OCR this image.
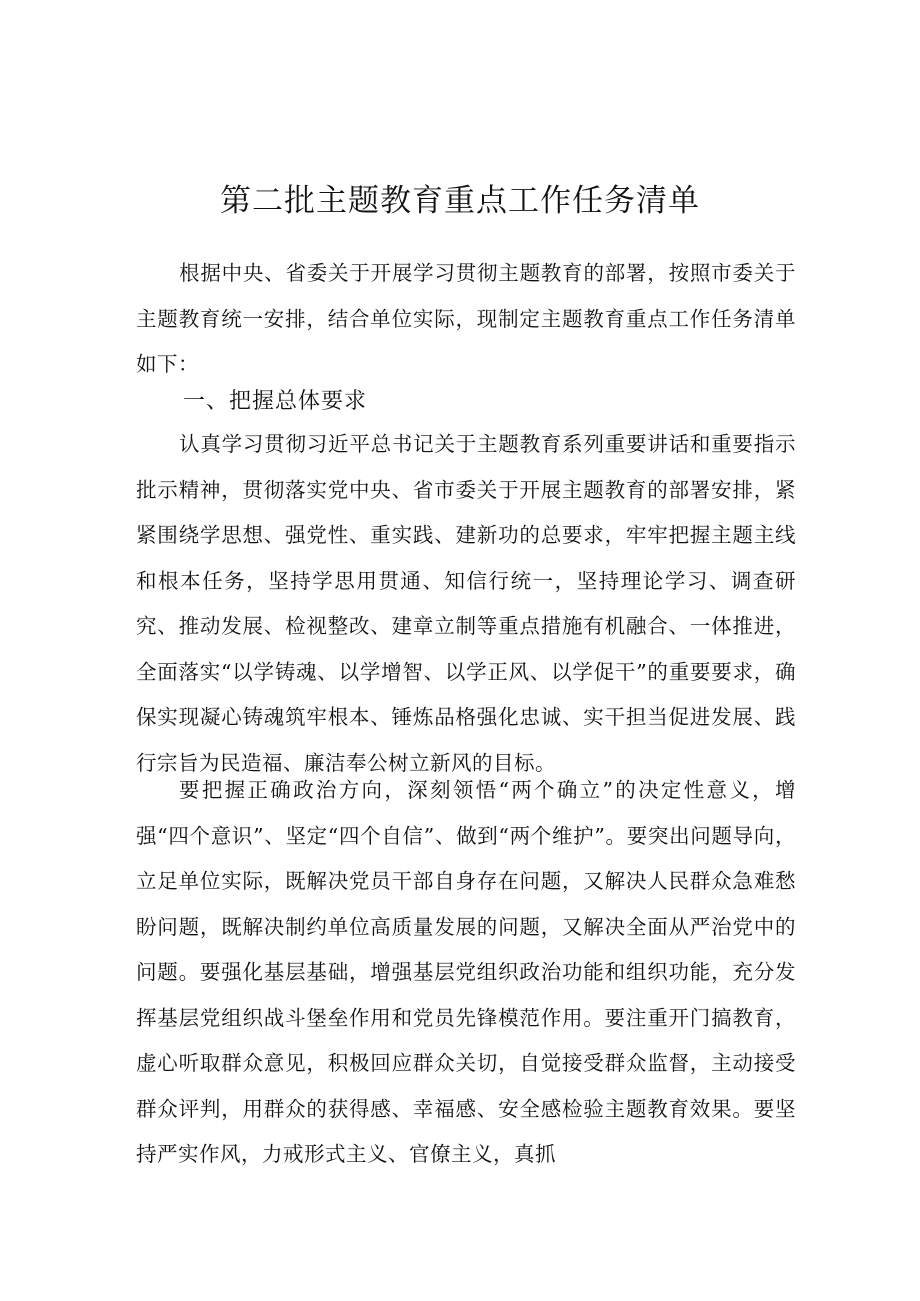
第二批主题教育重点工作任务清单

根据中央、省委关于开展学习贯彻主题教育的部署，按照市委关于主题教育统一安排，结合单位实际，现制定主题教育重点工作任务清单如下：

一、把握总体要求

认真学习贯彻习近平总书记关于主题教育系列重要讲话和重要指示批示精神，贯彻落实党中央、省市委关于开展主题教育的部署安排，紧紧围绕学思想、强党性、重实践、建新功的总要求，牢牢把握主题主线和根本任务，坚持学思用贯通、知信行统一，坚持理论学习、调查研究、推动发展、检视整改、建章立制等重点措施有机融合、一体推进，全面落实“以学铸魂、以学增智、以学正风、以学促干”的重要要求，确保实现凝心铸魂筑牢根本、锤炼品格强化忠诚、实干担当促进发展、践行宗旨为民造福、廉洁奉公树立新风的目标。

要把握正确政治方向，深刻领悟“两个确立”的决定性意义，增强“四个意识”、坚定“四个自信”、做到“两个维护”。要突出问题导向，立足单位实际，既解决党员干部自身存在问题，又解决人民群众急难愁盼问题，既解决制约单位高质量发展的问题，又解决全面从严治党中的问题。要强化基层基础，增强基层党组织政治功能和组织功能，充分发挥基层党组织战斗堡垒作用和党员先锋模范作用。要注重开门搞教育，虚心听取群众意见，积极回应群众关切，自觉接受群众监督，主动接受群众评判，用群众的获得感、幸福感、安全感检验主题教育效果。要坚持严实作风，力戒形式主义、官僚主义，真抓
